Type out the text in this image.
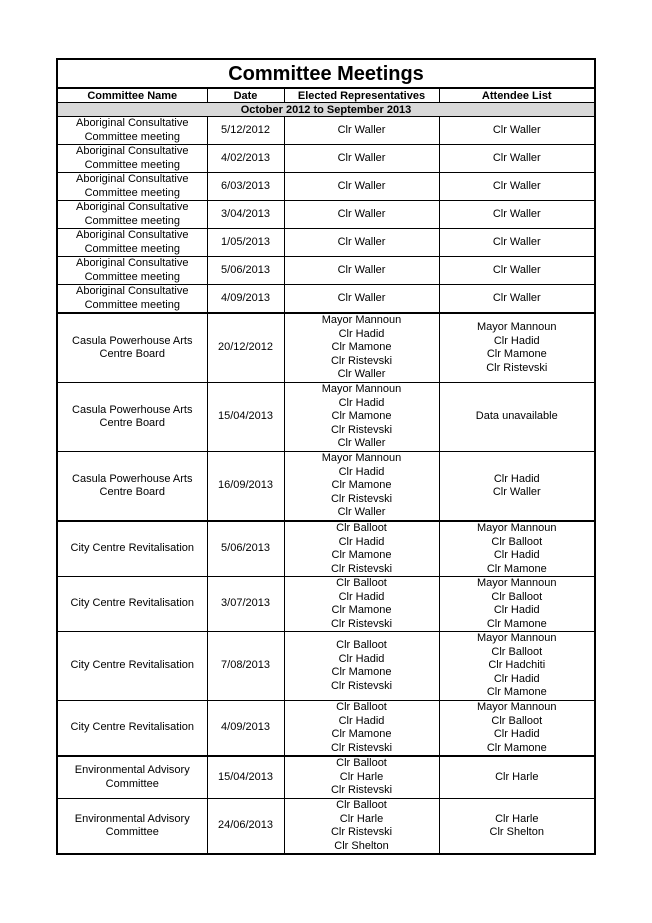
Committee Meetings			
Committee Name	Date	Elected Representatives	Attendee List
October 2012 to September 2013			
Aboriginal Consultative Committee meeting	5/12/2012	Clr Waller	Clr Waller

Aboriginal Consultative Committee meeting	4/02/2013	Clr Waller	Clr Waller

Aboriginal Consultative Committee meeting	6/03/2013	Clr Waller	Clr Waller

Aboriginal Consultative Committee meeting	3/04/2013	Clr Waller	Clr Waller

Aboriginal Consultative Committee meeting	1/05/2013	Clr Waller	Clr Waller

Aboriginal Consultative Committee meeting	5/06/2013	Clr Waller	Clr Waller

Aboriginal Consultative Committee meeting	4/09/2013	Clr Waller	Clr Waller

Casula Powerhouse Arts Centre Board	20/12/2012	Mayor Mannoun
Clr Hadid
Clr Mamone
Clr Ristevski
Clr Waller	Mayor Mannoun
Clr Hadid
Clr Mamone
Clr Ristevski

Casula Powerhouse Arts Centre Board	15/04/2013	Mayor Mannoun
Clr Hadid
Clr Mamone
Clr Ristevski
Clr Waller	Data unavailable

Casula Powerhouse Arts Centre Board	16/09/2013	Mayor Mannoun
Clr Hadid
Clr Mamone
Clr Ristevski
Clr Waller	Clr Hadid
Clr Waller

City Centre Revitalisation	5/06/2013	Clr Balloot
Clr Hadid
Clr Mamone
Clr Ristevski	Mayor Mannoun
Clr Balloot
Clr Hadid
Clr Mamone

City Centre Revitalisation	3/07/2013	Clr Balloot
Clr Hadid
Clr Mamone
Clr Ristevski	Mayor Mannoun
Clr Balloot
Clr Hadid
Clr Mamone

City Centre Revitalisation	7/08/2013	Clr Balloot
Clr Hadid
Clr Mamone
Clr Ristevski	Mayor Mannoun
Clr Balloot
Clr Hadchiti
Clr Hadid
Clr Mamone

City Centre Revitalisation	4/09/2013	Clr Balloot
Clr Hadid
Clr Mamone
Clr Ristevski	Mayor Mannoun
Clr Balloot
Clr Hadid
Clr Mamone

Environmental Advisory Committee	15/04/2013	Clr Balloot
Clr Harle
Clr Ristevski	Clr Harle

Environmental Advisory Committee	24/06/2013	Clr Balloot
Clr Harle
Clr Ristevski
Clr Shelton	Clr Harle
Clr Shelton
